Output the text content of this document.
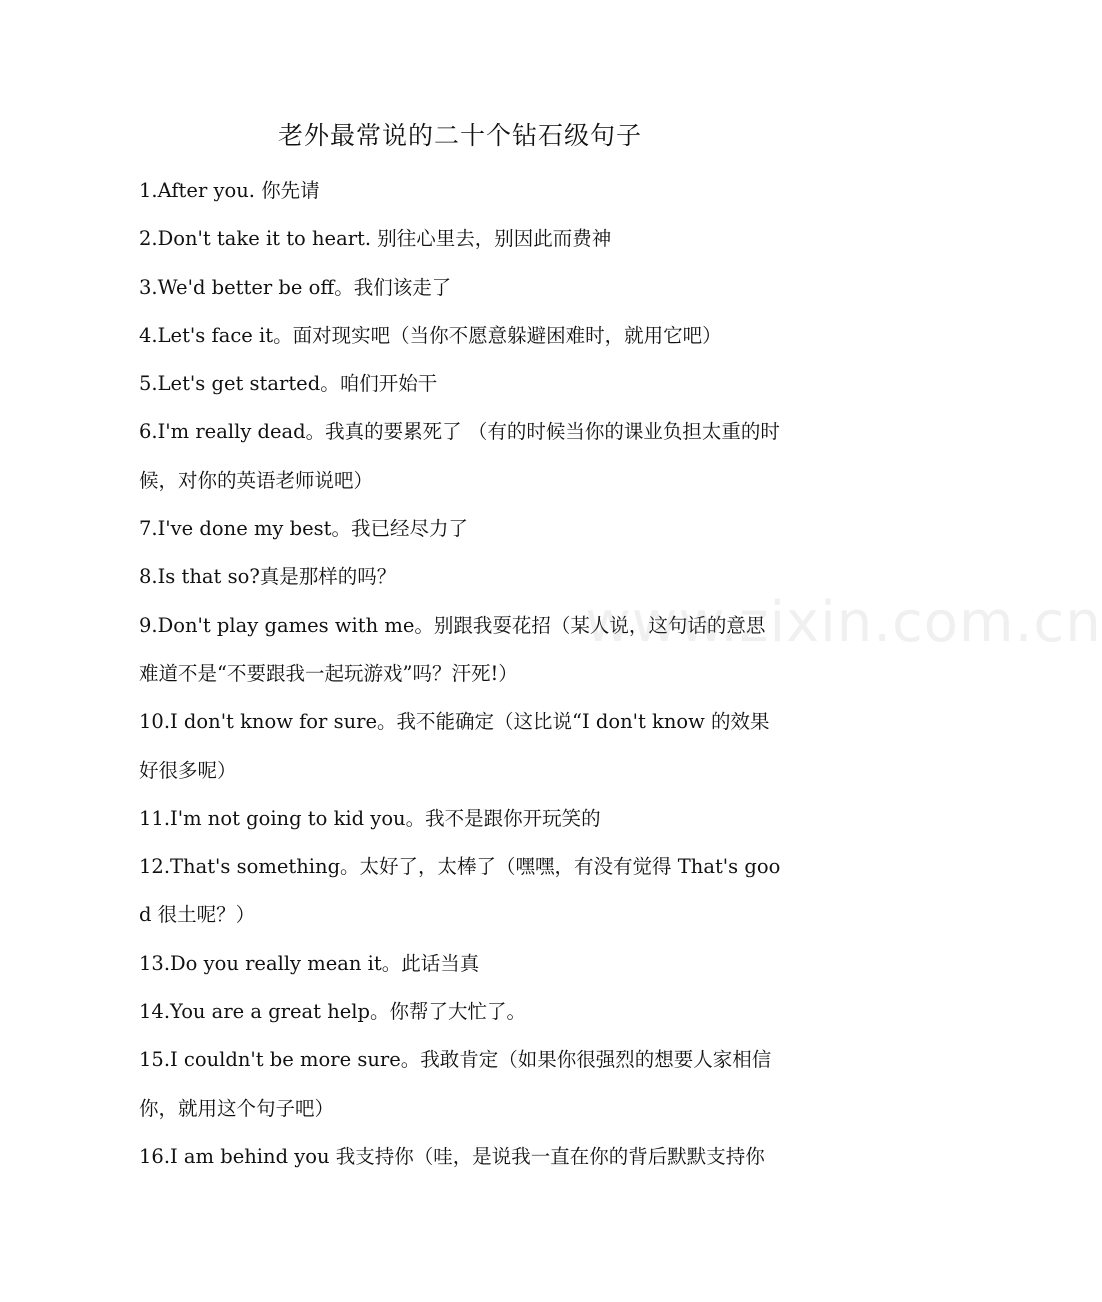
老外最常说的二十个钻石级句子

1.After you. 你先请

2.Don't take it to heart. 别往心里去，别因此而费神

3.We'd better be off。我们该走了

4.Let's face it。面对现实吧（当你不愿意躲避困难时，就用它吧）

5.Let's get started。咱们开始干

6.I'm really dead。我真的要累死了 （有的时候当你的课业负担太重的时候，对你的英语老师说吧）

7.I've done my best。我已经尽力了

8.Is that so?真是那样的吗？

9.Don't play games with me。别跟我耍花招（某人说，这句话的意思难道不是“不要跟我一起玩游戏”吗？汗死!）

10.I don't know for sure。我不能确定（这比说“I don't know 的效果好很多呢）

11.I'm not going to kid you。我不是跟你开玩笑的

12.That's something。太好了，太棒了（嘿嘿，有没有觉得 That's good 很土呢？）

13.Do you really mean it。此话当真

14.You are a great help。你帮了大忙了。

15.I couldn't be more sure。我敢肯定（如果你很强烈的想要人家相信你，就用这个句子吧）

16.I am behind you 我支持你（哇，是说我一直在你的背后默默支持你

www.zixin.com.cn
